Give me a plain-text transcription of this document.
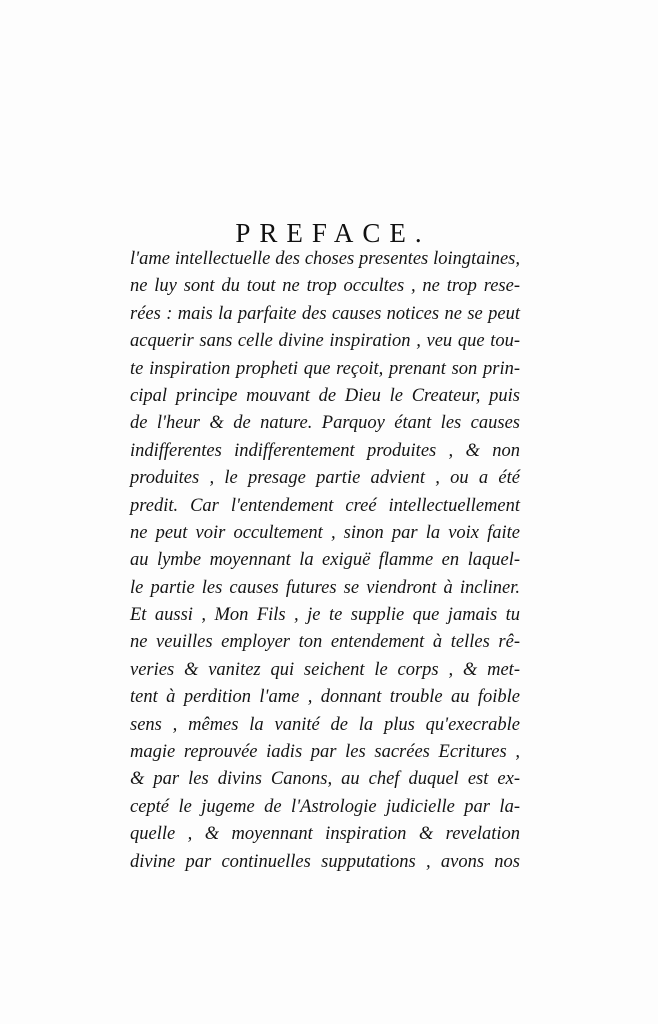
PREFACE.
l'ame intellectuelle des choses presentes loingtaines,
ne luy sont du tout ne trop occultes , ne trop rese-
rées : mais la parfaite des causes notices ne se peut
acquerir sans celle divine inspiration , veu que tou-
te inspiration propheti que reçoit, prenant son prin-
cipal principe mouvant de Dieu le Createur, puis
de l'heur & de nature. Parquoy étant les causes
indifferentes indifferentement produites , & non
produites , le presage partie advient , ou a été
predit. Car l'entendement creé intellectuellement
ne peut voir occultement , sinon par la voix faite
au lymbe moyennant la exiguë flamme en laquel-
le partie les causes futures se viendront à incliner.
Et aussi , Mon Fils , je te supplie que jamais tu
ne veuilles employer ton entendement à telles rê-
veries & vanitez qui seichent le corps , & met-
tent à perdition l'ame , donnant trouble au foible
sens , mêmes la vanité de la plus qu'execrable
magie reprouvée iadis par les sacrées Ecritures ,
& par les divins Canons, au chef duquel est ex-
cepté le jugeme de l'Astrologie judicielle par la-
quelle , & moyennant inspiration & revelation
divine par continuelles supputations , avons nos
